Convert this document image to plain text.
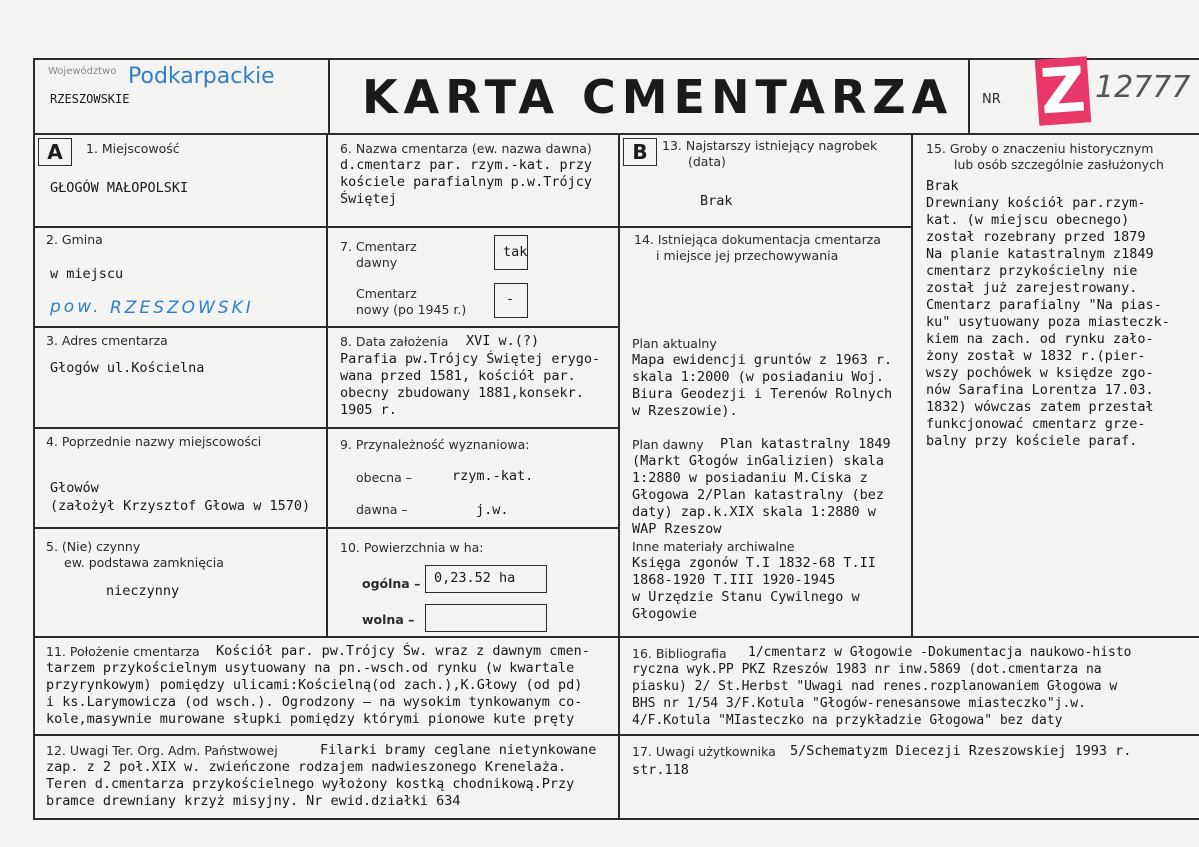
Województwo Podkarpackie
RZESZOWSKIE	KARTA CMENTARZA NR Z 12777
A	B
1. Miejscowość
GŁOGÓW MAŁOPOLSKI
2. Gmina
w miejscu
pow. RZESZOWSKI
3. Adres cmentarza
Głogów ul.Kościelna
4. Poprzednie nazwy miejscowości
Głowów
(założył Krzysztof Głowa w 1570)
5. (Nie) czynny
ew. podstawa zamknięcia
nieczynny
6. Nazwa cmentarza (ew. nazwa dawna)
d.cmentarz par. rzym.-kat. przy
kościele parafialnym p.w.Trójcy
Świętej
7. Cmentarz
dawny
tak
Cmentarz
nowy (po 1945 r.)
-
8. Data założenia XVI w.(?)
Parafia pw.Trójcy Świętej erygo-
wana przed 1581, kościół par.
obecny zbudowany 1881,konsekr.
1905 r.
9. Przynależność wyznaniowa:
obecna –	rzym.-kat.
dawna –	j.w.
10. Powierzchnia w ha:
ogólna – 0,23.52 ha
wolna –
13. Najstarszy istniejący nagrobek
(data)
Brak
14. Istniejąca dokumentacja cmentarza
i miejsce jej przechowywania
Plan aktualny
Mapa ewidencji gruntów z 1963 r.
skala 1:2000 (w posiadaniu Woj.
Biura Geodezji i Terenów Rolnych
w Rzeszowie).
Plan dawny Plan katastralny 1849
(Markt Głogów inGalizien) skala
1:2880 w posiadaniu M.Ciska z
Głogowa 2/Plan katastralny (bez
daty) zap.k.XIX skala 1:2880 w
WAP Rzeszow
Inne materiały archiwalne
Księga zgonów T.I 1832-68 T.II
1868-1920 T.III 1920-1945
w Urzędzie Stanu Cywilnego w
Głogowie
15. Groby o znaczeniu historycznym
lub osób szczególnie zasłużonych
Brak
Drewniany kościół par.rzym-
kat. (w miejscu obecnego)
został rozebrany przed 1879
Na planie katastralnym z1849
cmentarz przykościelny nie
został już zarejestrowany.
Cmentarz parafialny "Na pias-
ku" usytuowany poza miasteczk-
kiem na zach. od rynku zało-
żony został w 1832 r.(pier-
wszy pochówek w księdze zgo-
nów Sarafina Lorentza 17.03.
1832) wówczas zatem przestał
funkcjonować cmentarz grze-
balny przy kościele paraf.
11. Położenie cmentarza Kościół par. pw.Trójcy Św. wraz z dawnym cmen-
tarzem przykościelnym usytuowany na pn.-wsch.od rynku (w kwartale
przyrynkowym) pomiędzy ulicami:Kościelną(od zach.),K.Głowy (od pd)
i ks.Larymowicza (od wsch.). Ogrodzony – na wysokim tynkowanym co-
kole,masywnie murowane słupki pomiędzy którymi pionowe kute pręty
12. Uwagi Ter. Org. Adm. Państwowej	Filarki bramy ceglane nietynkowane
zap. z 2 poł.XIX w. zwieńczone rodzajem nadwieszonego Krenelaża.
Teren d.cmentarza przykościelnego wyłożony kostką chodnikową.Przy
bramce drewniany krzyż misyjny. Nr ewid.działki 634
16. Bibliografia 1/cmentarz w Głogowie -Dokumentacja naukowo-histo
ryczna wyk.PP PKZ Rzeszów 1983 nr inw.5869 (dot.cmentarza na
piasku) 2/ St.Herbst "Uwagi nad renes.rozplanowaniem Głogowa w
BHS nr 1/54 3/F.Kotula "Głogów-renesansowe miasteczko"j.w.
4/F.Kotula "MIasteczko na przykładzie Głogowa" bez daty
17. Uwagi użytkownika 5/Schematyzm Diecezji Rzeszowskiej 1993 r.
str.118
